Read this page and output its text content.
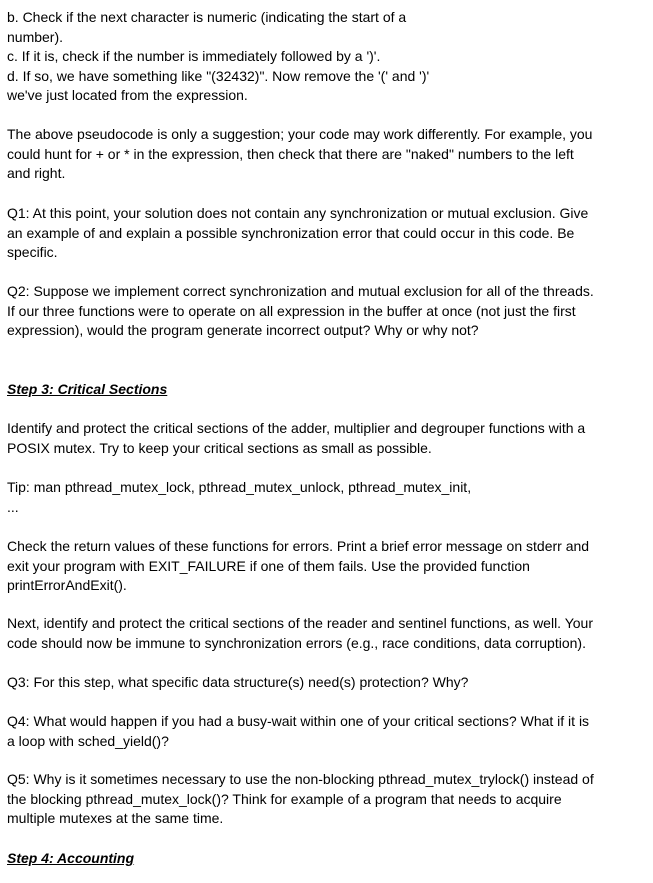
b. Check if the next character is numeric (indicating the start of a
number).
c. If it is, check if the number is immediately followed by a ')'.
d. If so, we have something like "(32432)". Now remove the '(' and ')'
we've just located from the expression.
The above pseudocode is only a suggestion; your code may work differently. For example, you
could hunt for + or * in the expression, then check that there are "naked" numbers to the left
and right.
Q1: At this point, your solution does not contain any synchronization or mutual exclusion. Give
an example of and explain a possible synchronization error that could occur in this code. Be
specific.
Q2: Suppose we implement correct synchronization and mutual exclusion for all of the threads.
If our three functions were to operate on all expression in the buffer at once (not just the first
expression), would the program generate incorrect output? Why or why not?
Step 3: Critical Sections
Identify and protect the critical sections of the adder, multiplier and degrouper functions with a
POSIX mutex. Try to keep your critical sections as small as possible.
Tip: man pthread_mutex_lock, pthread_mutex_unlock, pthread_mutex_init,
...
Check the return values of these functions for errors. Print a brief error message on stderr and
exit your program with EXIT_FAILURE if one of them fails. Use the provided function
printErrorAndExit().
Next, identify and protect the critical sections of the reader and sentinel functions, as well. Your
code should now be immune to synchronization errors (e.g., race conditions, data corruption).
Q3: For this step, what specific data structure(s) need(s) protection? Why?
Q4: What would happen if you had a busy-wait within one of your critical sections? What if it is
a loop with sched_yield()?
Q5: Why is it sometimes necessary to use the non-blocking pthread_mutex_trylock() instead of
the blocking pthread_mutex_lock()? Think for example of a program that needs to acquire
multiple mutexes at the same time.
Step 4: Accounting
